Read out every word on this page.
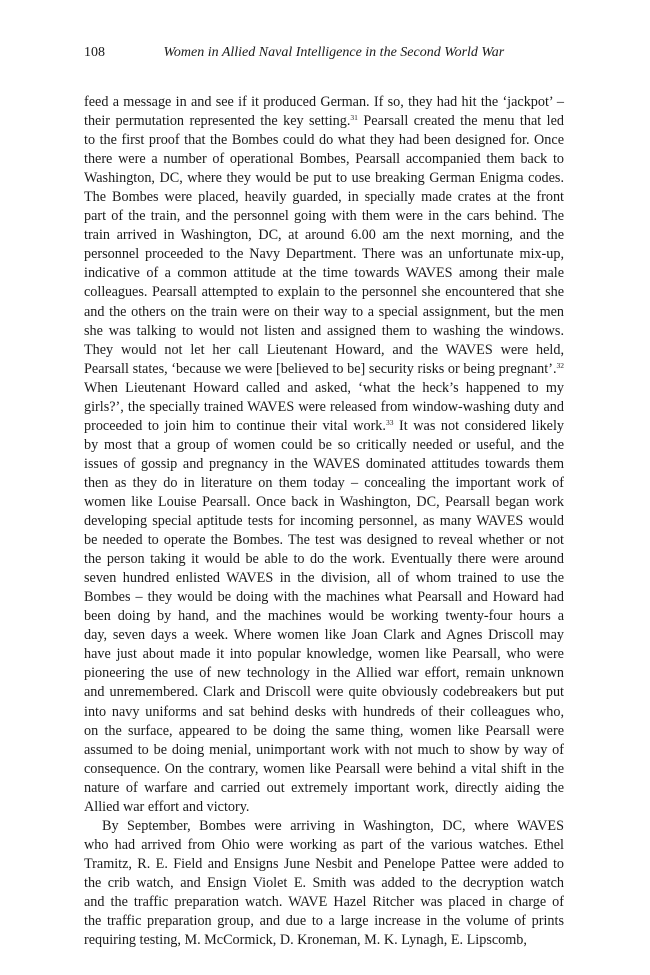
108	Women in Allied Naval Intelligence in the Second World War
feed a message in and see if it produced German. If so, they had hit the ‘jackpot’ –
their permutation represented the key setting.$^{31}$ Pearsall created the menu that led
to the first proof that the Bombes could do what they had been designed for. Once
there were a number of operational Bombes, Pearsall accompanied them back to
Washington, DC, where they would be put to use breaking German Enigma codes.
The Bombes were placed, heavily guarded, in specially made crates at the front
part of the train, and the personnel going with them were in the cars behind. The
train arrived in Washington, DC, at around 6.00 am the next morning, and the
personnel proceeded to the Navy Department. There was an unfortunate mix-up,
indicative of a common attitude at the time towards WAVES among their male
colleagues. Pearsall attempted to explain to the personnel she encountered that she
and the others on the train were on their way to a special assignment, but the men
she was talking to would not listen and assigned them to washing the windows.
They would not let her call Lieutenant Howard, and the WAVES were held,
Pearsall states, ‘because we were [believed to be] security risks or being pregnant’.$^{32}$
When Lieutenant Howard called and asked, ‘what the heck’s happened to my
girls?’, the specially trained WAVES were released from window-washing duty and
proceeded to join him to continue their vital work.$^{33}$ It was not considered likely
by most that a group of women could be so critically needed or useful, and the
issues of gossip and pregnancy in the WAVES dominated attitudes towards them
then as they do in literature on them today – concealing the important work of
women like Louise Pearsall. Once back in Washington, DC, Pearsall began work
developing special aptitude tests for incoming personnel, as many WAVES would
be needed to operate the Bombes. The test was designed to reveal whether or not
the person taking it would be able to do the work. Eventually there were around
seven hundred enlisted WAVES in the division, all of whom trained to use the
Bombes – they would be doing with the machines what Pearsall and Howard had
been doing by hand, and the machines would be working twenty-four hours a
day, seven days a week. Where women like Joan Clark and Agnes Driscoll may
have just about made it into popular knowledge, women like Pearsall, who were
pioneering the use of new technology in the Allied war effort, remain unknown
and unremembered. Clark and Driscoll were quite obviously codebreakers but put
into navy uniforms and sat behind desks with hundreds of their colleagues who,
on the surface, appeared to be doing the same thing, women like Pearsall were
assumed to be doing menial, unimportant work with not much to show by way of
consequence. On the contrary, women like Pearsall were behind a vital shift in the
nature of warfare and carried out extremely important work, directly aiding the
Allied war effort and victory.
By September, Bombes were arriving in Washington, DC, where WAVES
who had arrived from Ohio were working as part of the various watches. Ethel
Tramitz, R. E. Field and Ensigns June Nesbit and Penelope Pattee were added to
the crib watch, and Ensign Violet E. Smith was added to the decryption watch
and the traffic preparation watch. WAVE Hazel Ritcher was placed in charge of
the traffic preparation group, and due to a large increase in the volume of prints
requiring testing, M. McCormick, D. Kroneman, M. K. Lynagh, E. Lipscomb,
